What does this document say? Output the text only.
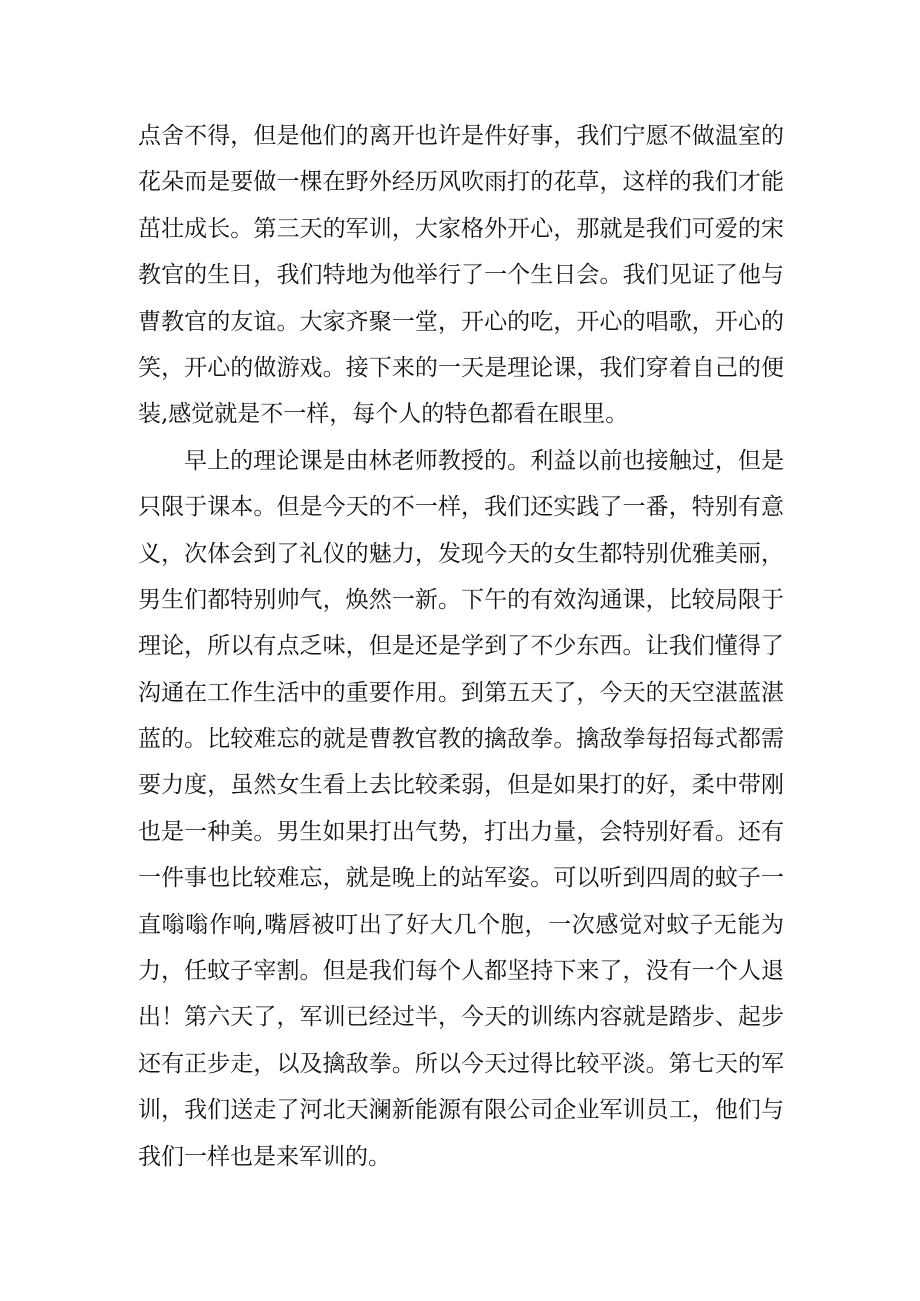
点舍不得，但是他们的离开也许是件好事，我们宁愿不做温室的
花朵而是要做一棵在野外经历风吹雨打的花草，这样的我们才能
茁壮成长。第三天的军训，大家格外开心，那就是我们可爱的宋
教官的生日，我们特地为他举行了一个生日会。我们见证了他与
曹教官的友谊。大家齐聚一堂，开心的吃，开心的唱歌，开心的
笑，开心的做游戏。接下来的一天是理论课，我们穿着自己的便
装,感觉就是不一样，每个人的特色都看在眼里。
早上的理论课是由林老师教授的。利益以前也接触过，但是
只限于课本。但是今天的不一样，我们还实践了一番，特别有意
义，次体会到了礼仪的魅力，发现今天的女生都特别优雅美丽，
男生们都特别帅气，焕然一新。下午的有效沟通课，比较局限于
理论，所以有点乏味，但是还是学到了不少东西。让我们懂得了
沟通在工作生活中的重要作用。到第五天了，今天的天空湛蓝湛
蓝的。比较难忘的就是曹教官教的擒敌拳。擒敌拳每招每式都需
要力度，虽然女生看上去比较柔弱，但是如果打的好，柔中带刚
也是一种美。男生如果打出气势，打出力量，会特别好看。还有
一件事也比较难忘，就是晚上的站军姿。可以听到四周的蚊子一
直嗡嗡作响,嘴唇被叮出了好大几个胞，一次感觉对蚊子无能为
力，任蚊子宰割。但是我们每个人都坚持下来了，没有一个人退
出！第六天了，军训已经过半，今天的训练内容就是踏步、起步
还有正步走，以及擒敌拳。所以今天过得比较平淡。第七天的军
训，我们送走了河北天澜新能源有限公司企业军训员工，他们与
我们一样也是来军训的。
